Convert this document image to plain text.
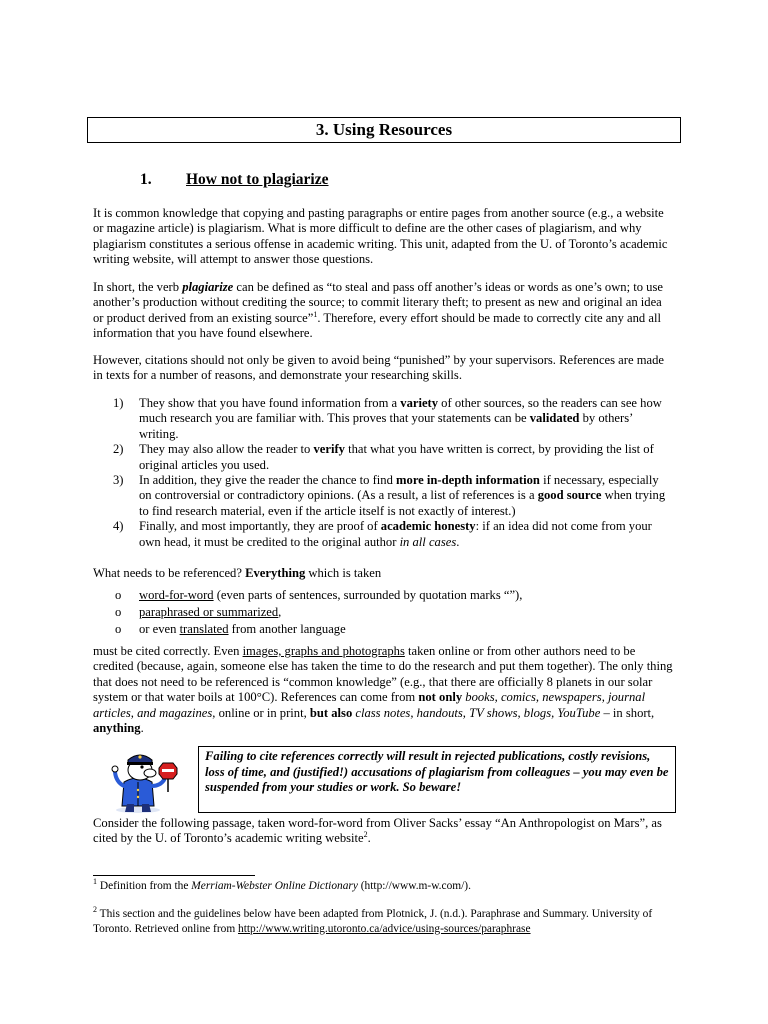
3. Using Resources
1. How not to plagiarize

It is common knowledge that copying and pasting paragraphs or entire pages from another source (e.g., a website or magazine article) is plagiarism. What is more difficult to define are the other cases of plagiarism, and why plagiarism constitutes a serious offense in academic writing. This unit, adapted from the U. of Toronto’s academic writing website, will attempt to answer those questions.

In short, the verb plagiarize can be defined as “to steal and pass off another’s ideas or words as one’s own; to use another’s production without crediting the source; to commit literary theft; to present as new and original an idea or product derived from an existing source”$^1$. Therefore, every effort should be made to correctly cite any and all information that you have found elsewhere.

However, citations should not only be given to avoid being “punished” by your supervisors. References are made in texts for a number of reasons, and demonstrate your researching skills.

1) They show that you have found information from a variety of other sources, so the readers can see how much research you are familiar with. This proves that your statements can be validated by others’ writing.
2) They may also allow the reader to verify that what you have written is correct, by providing the list of original articles you used.
3) In addition, they give the reader the chance to find more in-depth information if necessary, especially on controversial or contradictory opinions. (As a result, a list of references is a good source when trying to find research material, even if the article itself is not exactly of interest.)
4) Finally, and most importantly, they are proof of academic honesty: if an idea did not come from your own head, it must be credited to the original author in all cases.

What needs to be referenced? Everything which is taken

o word-for-word (even parts of sentences, surrounded by quotation marks “”),
o paraphrased or summarized,
o or even translated from another language

must be cited correctly. Even images, graphs and photographs taken online or from other authors need to be credited (because, again, someone else has taken the time to do the research and put them together). The only thing that does not need to be referenced is “common knowledge” (e.g., that there are officially 8 planets in our solar system or that water boils at 100°C). References can come from not only books, comics, newspapers, journal articles, and magazines, online or in print, but also class notes, handouts, TV shows, blogs, YouTube – in short, anything.

Failing to cite references correctly will result in rejected publications, costly revisions, loss of time, and (justified!) accusations of plagiarism from colleagues – you may even be suspended from your studies or work. So beware!

Consider the following passage, taken word-for-word from Oliver Sacks’ essay “An Anthropologist on Mars”, as cited by the U. of Toronto’s academic writing website$^2$.

$^1$ Definition from the Merriam-Webster Online Dictionary (http://www.m-w.com/).

$^2$ This section and the guidelines below have been adapted from Plotnick, J. (n.d.). Paraphrase and Summary. University of Toronto. Retrieved online from http://www.writing.utoronto.ca/advice/using-sources/paraphrase
